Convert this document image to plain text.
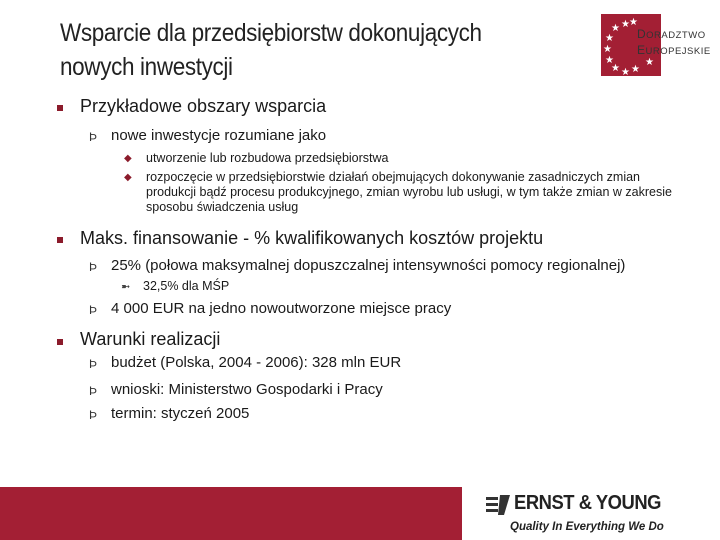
Wsparcie dla przedsiębiorstw dokonujących nowych inwestycji
★ ★
★
★
★
★
★ ★ ★
★
DORADZTWO
EUROPEJSKIE
Przykładowe obszary wsparcia
Þ nowe inwestycje rozumiane jako
◆ utworzenie lub rozbudowa przedsiębiorstwa
◆ rozpoczęcie w przedsiębiorstwie działań obejmujących dokonywanie zasadniczych zmian produkcji bądź procesu produkcyjnego, zmian wyrobu lub usługi, w tym także zmian w zakresie sposobu świadczenia usług
Maks. finansowanie - % kwalifikowanych kosztów projektu
Þ 25% (połowa maksymalnej dopuszczalnej intensywności pomocy regionalnej)
➼ 32,5% dla MŚP
Þ 4 000 EUR na jedno nowoutworzone miejsce pracy
Warunki realizacji
Þ budżet (Polska, 2004 - 2006): 328 mln EUR
Þ wnioski: Ministerstwo Gospodarki i Pracy
Þ termin: styczeń 2005
4
ERNST & YOUNG
Quality In Everything We Do
